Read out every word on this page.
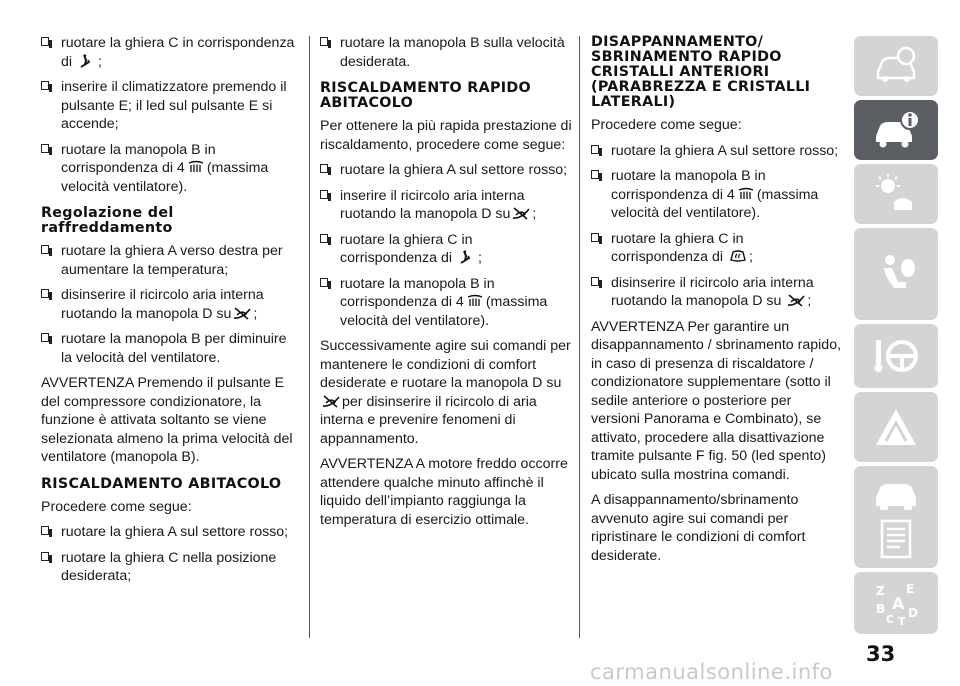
ruotare la ghiera C in corrispondenza di ;
inserire il climatizzatore premendo il pulsante E; il led sul pulsante E si accende;
ruotare la manopola B in corrispondenza di 4 (massima velocità ventilatore).
Regolazione del raffreddamento
ruotare la ghiera A verso destra per aumentare la temperatura;
disinserire il ricircolo aria interna ruotando la manopola D su ;
ruotare la manopola B per diminuire la velocità del ventilatore.

AVVERTENZA Premendo il pulsante E del compressore condizionatore, la funzione è attivata soltanto se viene selezionata almeno la prima velocità del ventilatore (manopola B).

RISCALDAMENTO ABITACOLO

Procedere come segue:

ruotare la ghiera A sul settore rosso;
ruotare la ghiera C nella posizione desiderata;
ruotare la manopola B sulla velocità desiderata.
RISCALDAMENTO RAPIDO ABITACOLO

Per ottenere la più rapida prestazione di riscaldamento, procedere come segue:

ruotare la ghiera A sul settore rosso;
inserire il ricircolo aria interna ruotando la manopola D su ;
ruotare la ghiera C in corrispondenza di ;
ruotare la manopola B in corrispondenza di 4 (massima velocità del ventilatore).

Successivamente agire sui comandi per mantenere le condizioni di comfort desiderate e ruotare la manopola D su
per disinserire il ricircolo di aria interna e prevenire fenomeni di appannamento.

AVVERTENZA A motore freddo occorre attendere qualche minuto affinchè il liquido dell’impianto raggiunga la temperatura di esercizio ottimale.

DISAPPANNAMENTO/ SBRINAMENTO RAPIDO CRISTALLI ANTERIORI (PARABREZZA E CRISTALLI LATERALI)

Procedere come segue:

ruotare la ghiera A sul settore rosso;
ruotare la manopola B in corrispondenza di 4 (massima velocità del ventilatore).
ruotare la ghiera C in corrispondenza di ;
disinserire il ricircolo aria interna ruotando la manopola D su ;

AVVERTENZA Per garantire un disappannamento / sbrinamento rapido, in caso di presenza di riscaldatore / condizionatore supplementare (sotto il sedile anteriore o posteriore per versioni Panorama e Combinato), se attivato, procedere alla disattivazione tramite pulsante F fig. 50 (led spento) ubicato sulla mostrina comandi.

A disappannamento/sbrinamento avvenuto agire sui comandi per ripristinare le condizioni di comfort desiderate.

Z E
B A D
C T
33
carmanualsonline.info
